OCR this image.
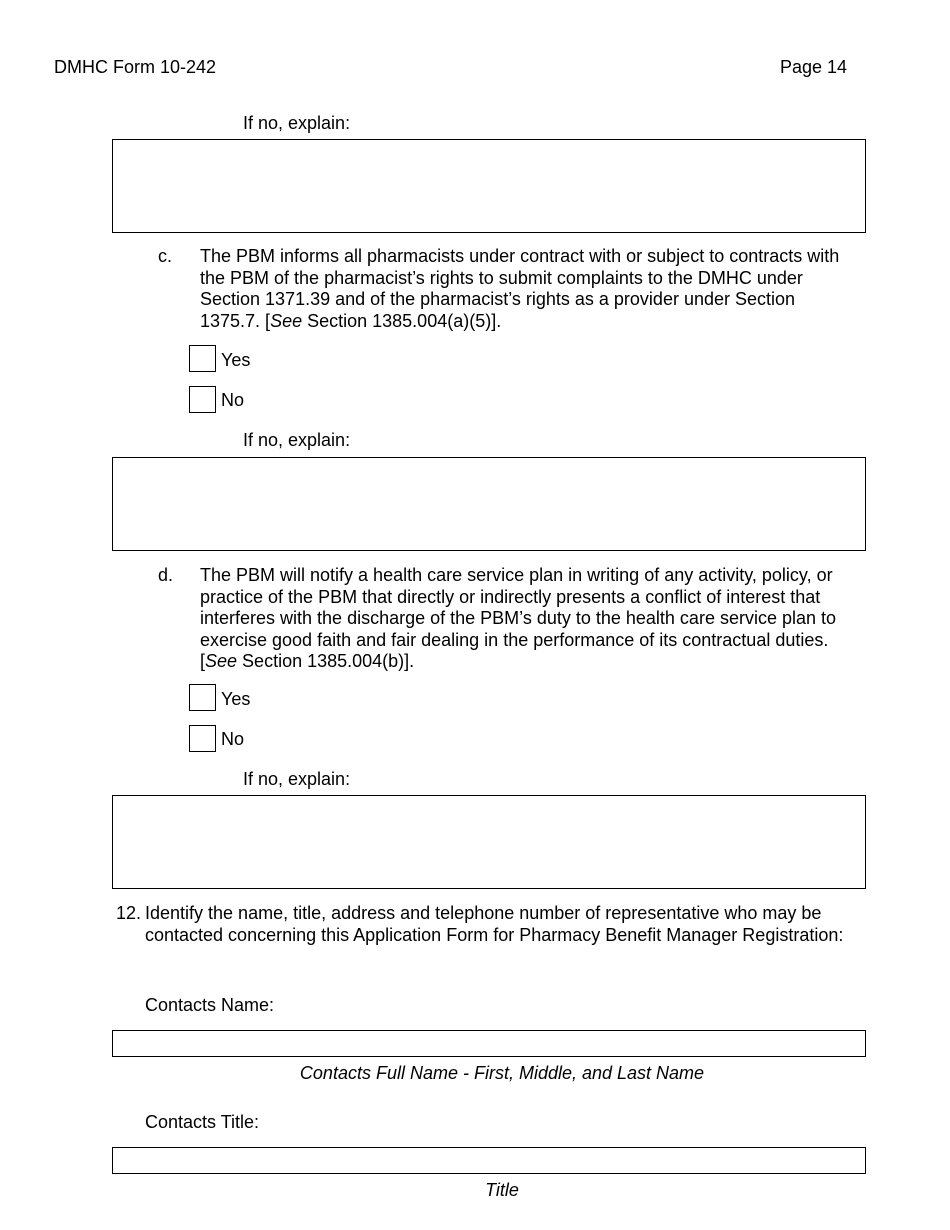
DMHC Form 10-242	Page 14
If no, explain:
c. The PBM informs all pharmacists under contract with or subject to contracts with the PBM of the pharmacist’s rights to submit complaints to the DMHC under Section 1371.39 and of the pharmacist’s rights as a provider under Section 1375.7. [See Section 1385.004(a)(5)].
Yes
No
If no, explain:
d. The PBM will notify a health care service plan in writing of any activity, policy, or practice of the PBM that directly or indirectly presents a conflict of interest that interferes with the discharge of the PBM’s duty to the health care service plan to exercise good faith and fair dealing in the performance of its contractual duties. [See Section 1385.004(b)].
Yes
No
If no, explain:
12. Identify the name, title, address and telephone number of representative who may be contacted concerning this Application Form for Pharmacy Benefit Manager Registration:
Contacts Name:
Contacts Full Name - First, Middle, and Last Name
Contacts Title:
Title
